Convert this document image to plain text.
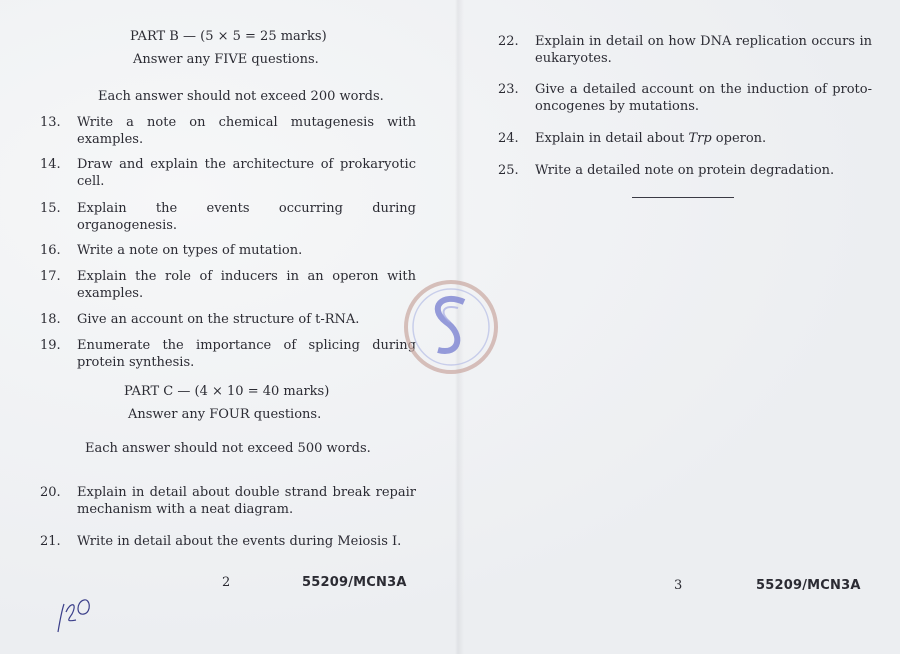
PART B — (5 × 5 = 25 marks)
Answer any FIVE questions.
Each answer should not exceed 200 words.
13. Write a note on chemical mutagenesis with examples.
14. Draw and explain the architecture of prokaryotic cell.
15. Explain the events occurring during organogenesis.
16. Write a note on types of mutation.
17. Explain the role of inducers in an operon with examples.
18. Give an account on the structure of t-RNA.
19. Enumerate the importance of splicing during protein synthesis.
PART C — (4 × 10 = 40 marks)
Answer any FOUR questions.
Each answer should not exceed 500 words.
20. Explain in detail about double strand break repair mechanism with a neat diagram.
21. Write in detail about the events during Meiosis I.
2	55209/MCN3A
22. Explain in detail on how DNA replication occurs in eukaryotes.
23. Give a detailed account on the induction of proto-oncogenes by mutations.
24. Explain in detail about Trp operon.
25. Write a detailed note on protein degradation.
3	55209/MCN3A
